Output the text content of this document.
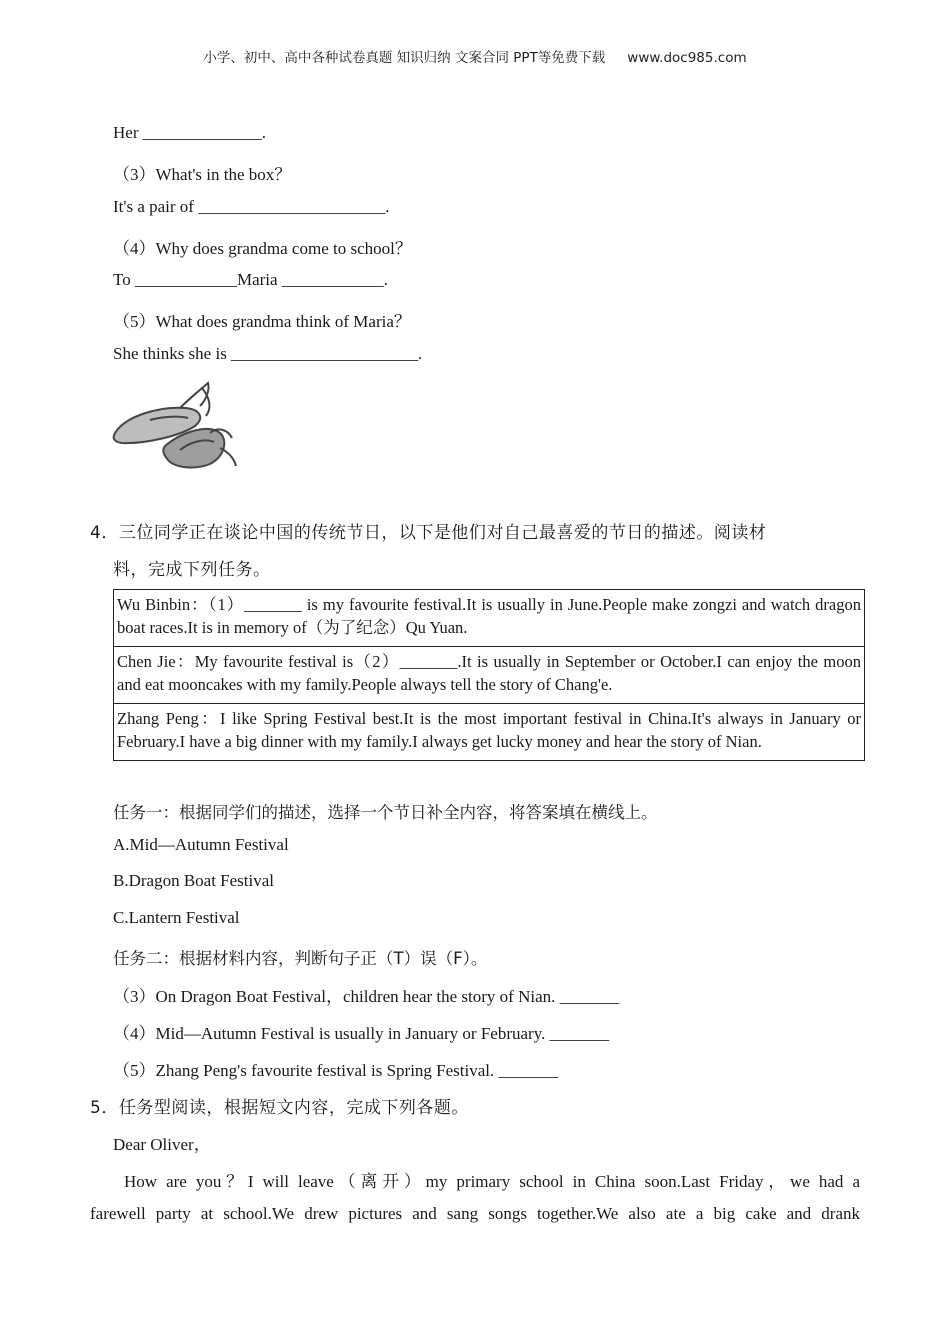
小学、初中、高中各种试卷真题 知识归纳 文案合同 PPT等免费下载 www.doc985.com
Her ______________.
（3）What's in the box？
It's a pair of ______________________.
（4）Why does grandma come to school？
To ____________Maria ____________.
（5）What does grandma think of Maria？
She thinks she is ______________________.
4．三位同学正在谈论中国的传统节日，以下是他们对自己最喜爱的节日的描述。阅读材
料，完成下列任务。
Wu Binbin：（1）_______ is my favourite festival.It is usually in June.People make zongzi and watch dragon boat races.It is in memory of（为了纪念）Qu Yuan.
Chen Jie：My favourite festival is（2）_______.It is usually in September or October.I can enjoy the moon and eat mooncakes with my family.People always tell the story of Chang'e.
Zhang Peng：I like Spring Festival best.It is the most important festival in China.It's always in January or February.I have a big dinner with my family.I always get lucky money and hear the story of Nian.
任务一：根据同学们的描述，选择一个节日补全内容，将答案填在横线上。
A.Mid—Autumn Festival
B.Dragon Boat Festival
C.Lantern Festival
任务二：根据材料内容，判断句子正（T）误（F）。
（3）On Dragon Boat Festival，children hear the story of Nian. _______
（4）Mid—Autumn Festival is usually in January or February. _______
（5）Zhang Peng's favourite festival is Spring Festival. _______
5．任务型阅读，根据短文内容，完成下列各题。
Dear Oliver，
How are you？I will leave（离开）my primary school in China soon.Last Friday，we had a
farewell party at school.We drew pictures and sang songs together.We also ate a big cake and drank
